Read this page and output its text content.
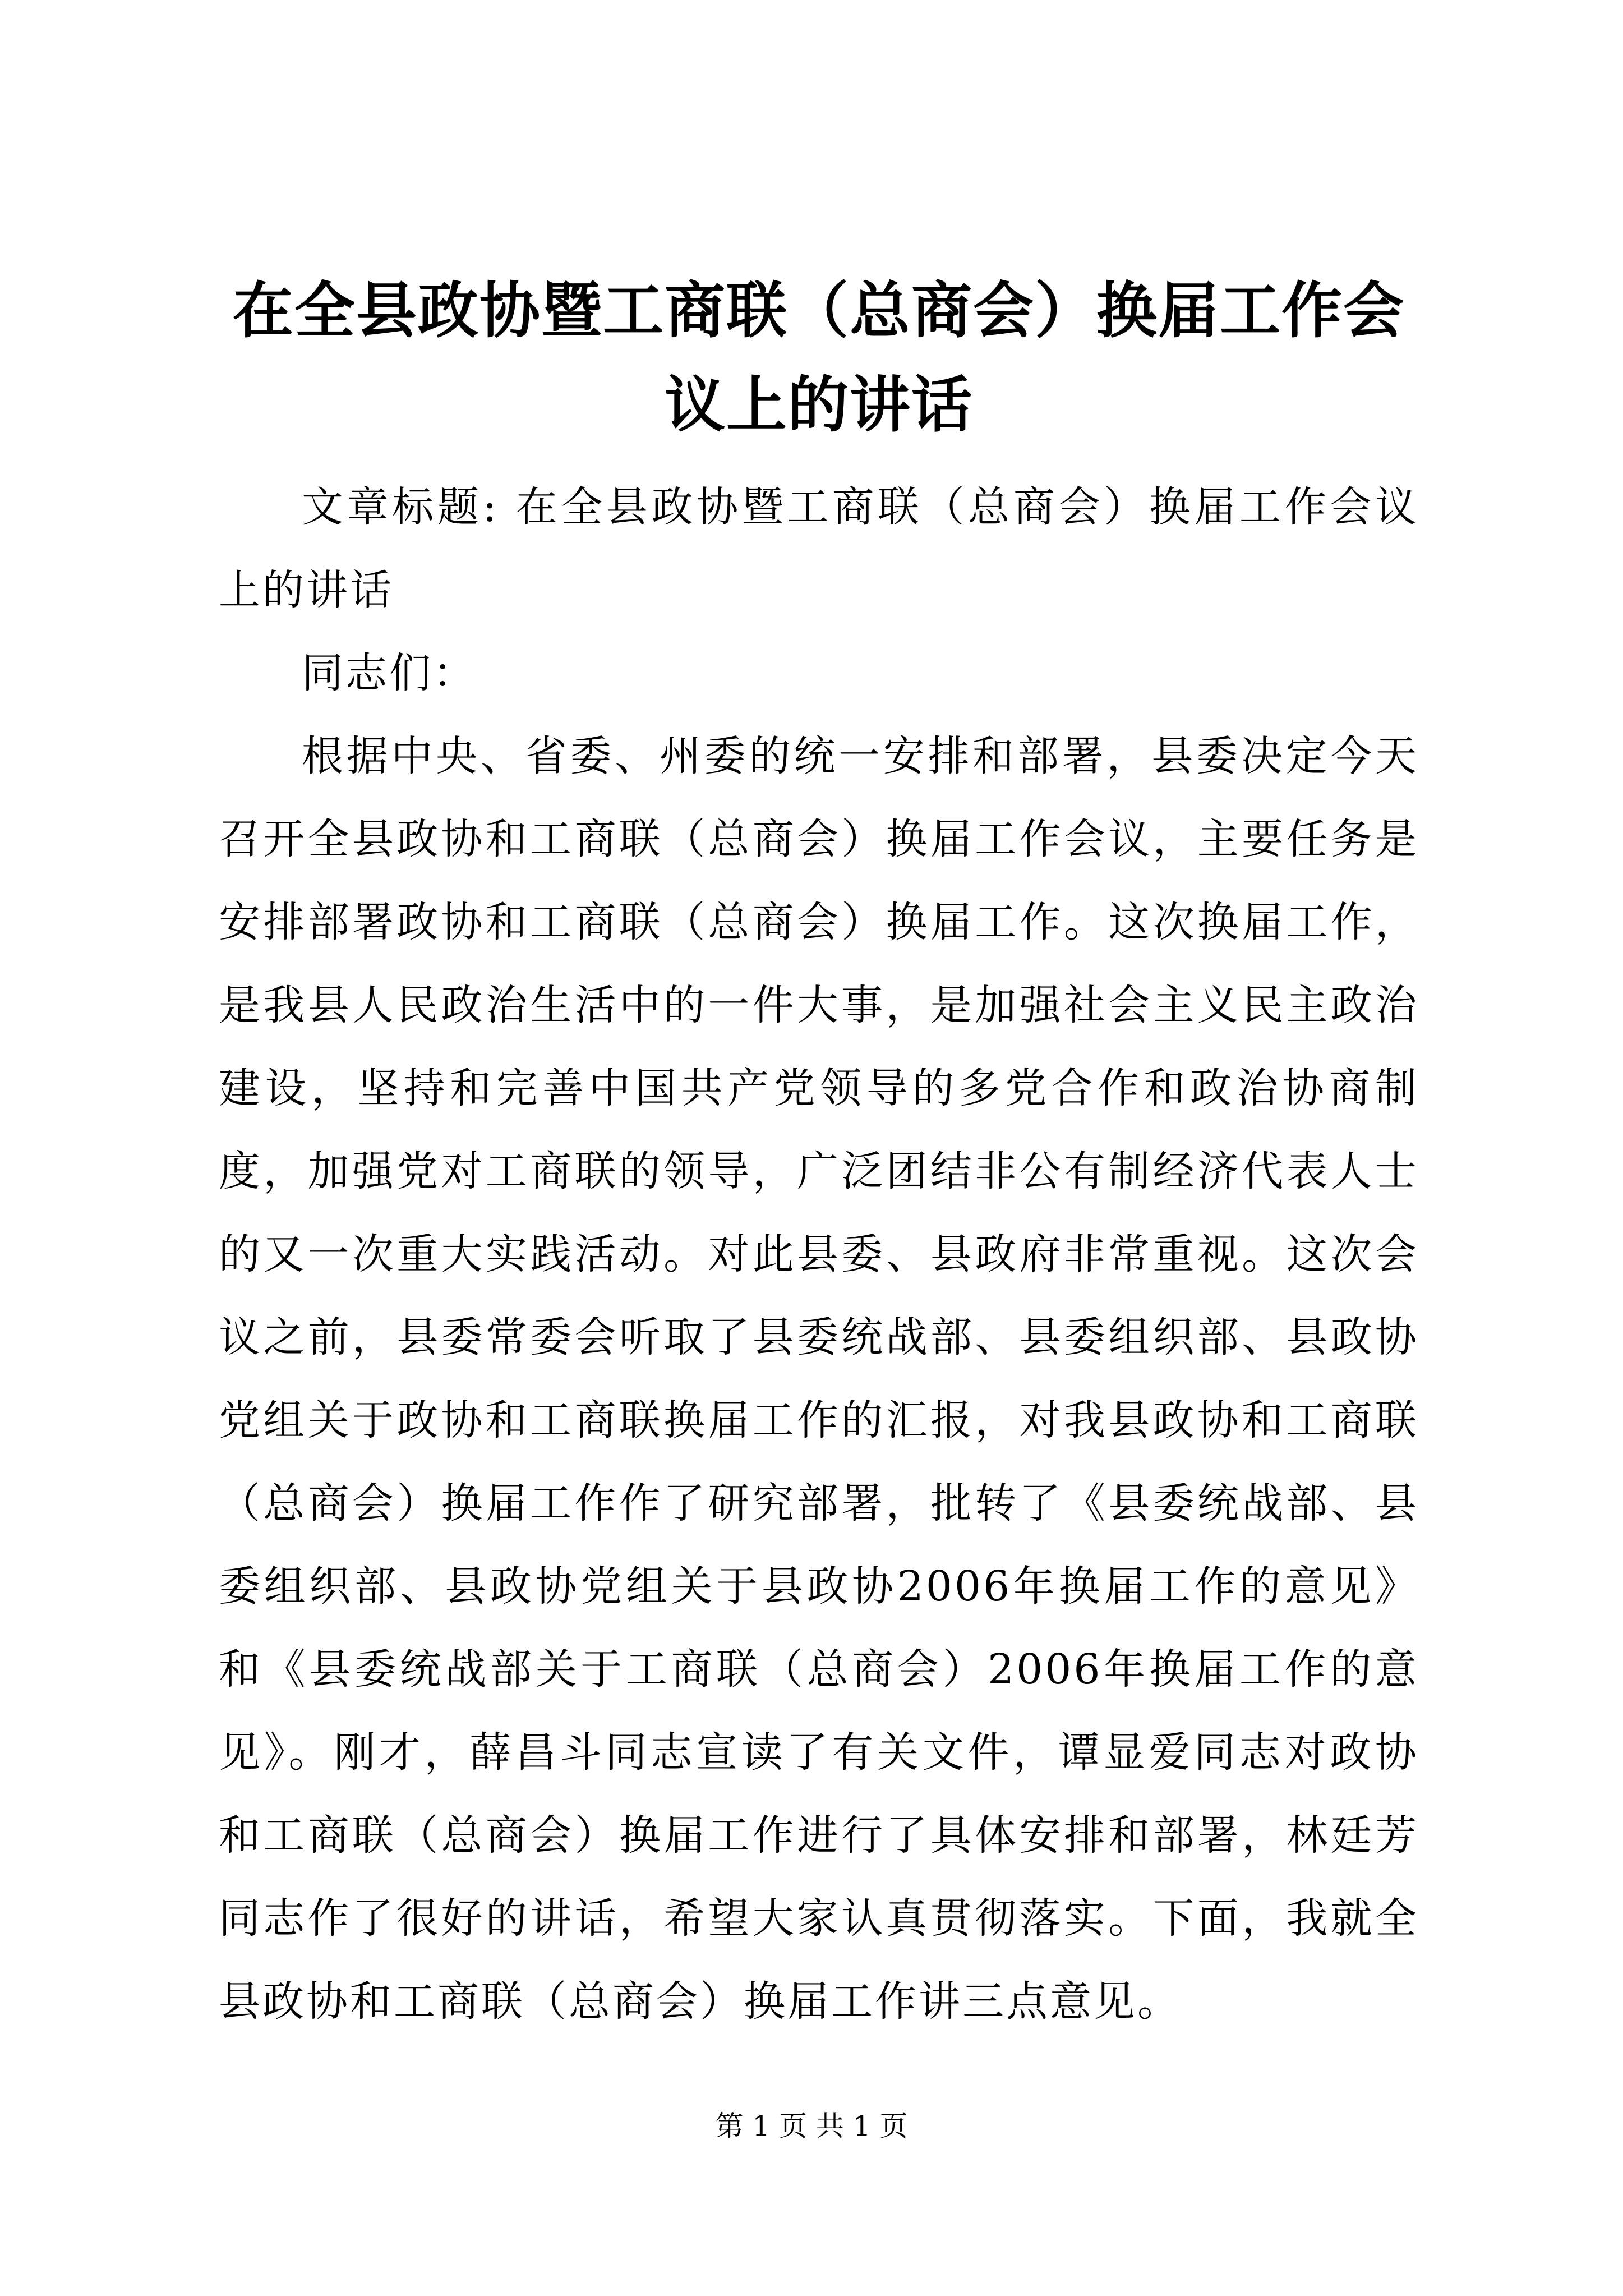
在全县政协暨工商联（总商会）换届工作会议上的讲话

文章标题: 在全县政协暨工商联（总商会）换届工作会议上的讲话

同志们：

根据中央、省委、州委的统一安排和部署，县委决定今天召开全县政协和工商联（总商会）换届工作会议，主要任务是安排部署政协和工商联（总商会）换届工作。这次换届工作，是我县人民政治生活中的一件大事，是加强社会主义民主政治建设，坚持和完善中国共产党领导的多党合作和政治协商制度，加强党对工商联的领导，广泛团结非公有制经济代表人士的又一次重大实践活动。对此县委、县政府非常重视。这次会议之前，县委常委会听取了县委统战部、县委组织部、县政协党组关于政协和工商联换届工作的汇报，对我县政协和工商联（总商会）换届工作作了研究部署，批转了《县委统战部、县委组织部、县政协党组关于县政协2006年换届工作的意见》和《县委统战部关于工商联（总商会）2006年换届工作的意见》。刚才，薛昌斗同志宣读了有关文件，谭显爱同志对政协和工商联（总商会）换届工作进行了具体安排和部署，林廷芳同志作了很好的讲话，希望大家认真贯彻落实。下面，我就全县政协和工商联（总商会）换届工作讲三点意见。

第 1 页 共 1 页
